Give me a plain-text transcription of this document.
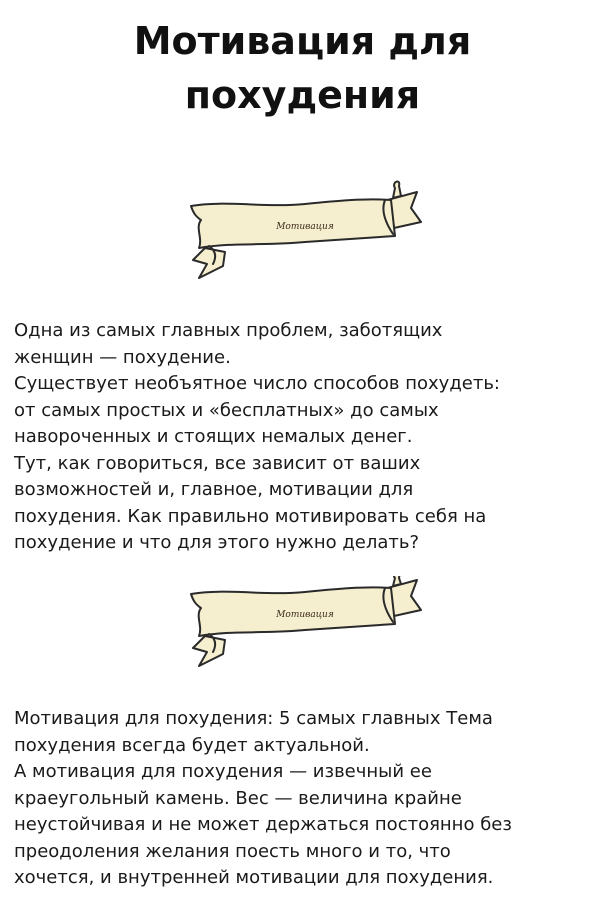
Мотивация для
похудения
Мотивация

Одна из самых главных проблем, заботящих
женщин — похудение.
Существует необъятное число способов похудеть:
от самых простых и «бесплатных» до самых
навороченных и стоящих немалых денег.
Тут, как говориться, все зависит от ваших
возможностей и, главное, мотивации для
похудения. Как правильно мотивировать себя на
похудение и что для этого нужно делать?

Мотивация

Мотивация для похудения: 5 самых главных Тема
похудения всегда будет актуальной.
А мотивация для похудения — извечный ее
краеугольный камень. Вес — величина крайне
неустойчивая и не может держаться постоянно без
преодоления желания поесть много и то, что
хочется, и внутренней мотивации для похудения.
